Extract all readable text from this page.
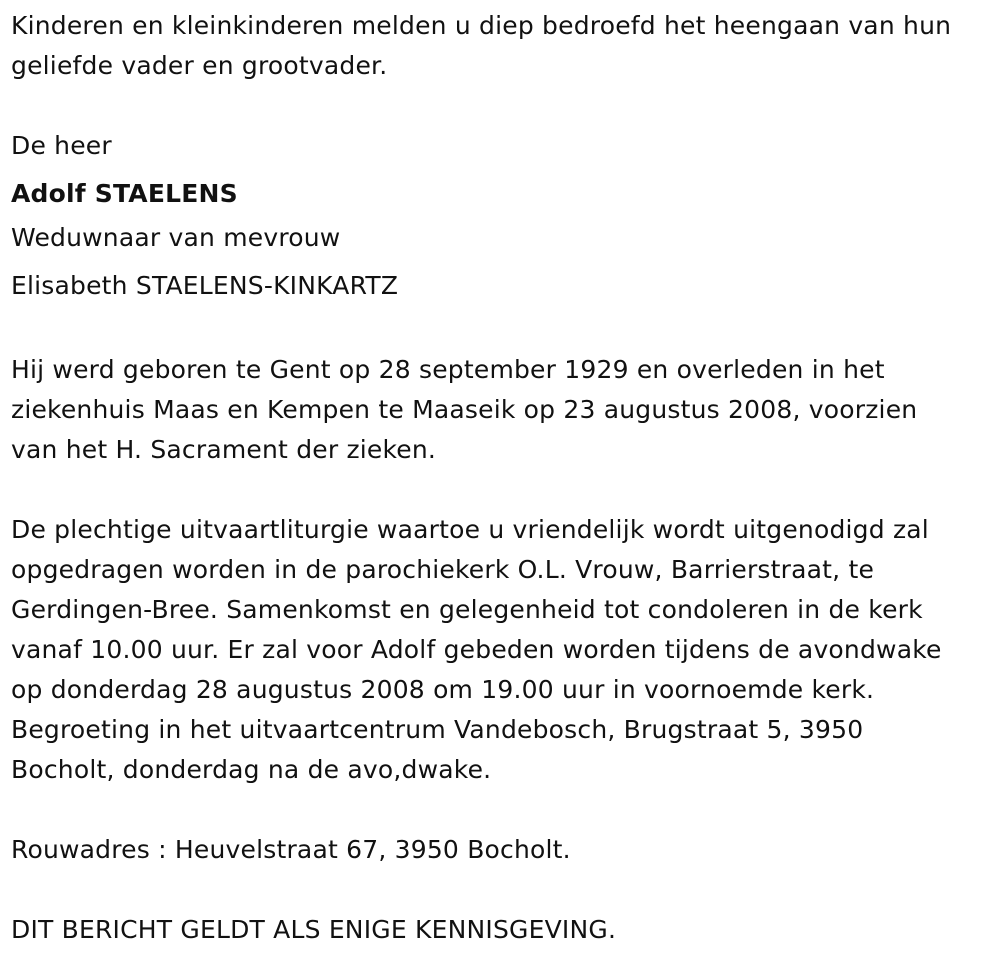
Kinderen en kleinkinderen melden u diep bedroefd het heengaan van hun
geliefde vader en grootvader.

De heer

Adolf STAELENS

Weduwnaar van mevrouw

Elisabeth STAELENS-KINKARTZ

Hij werd geboren te Gent op 28 september 1929 en overleden in het
ziekenhuis Maas en Kempen te Maaseik op 23 augustus 2008, voorzien
van het H. Sacrament der zieken.

De plechtige uitvaartliturgie waartoe u vriendelijk wordt uitgenodigd zal
opgedragen worden in de parochiekerk O.L. Vrouw, Barrierstraat, te
Gerdingen-Bree. Samenkomst en gelegenheid tot condoleren in de kerk
vanaf 10.00 uur. Er zal voor Adolf gebeden worden tijdens de avondwake
op donderdag 28 augustus 2008 om 19.00 uur in voornoemde kerk.
Begroeting in het uitvaartcentrum Vandebosch, Brugstraat 5, 3950
Bocholt, donderdag na de avo,dwake.

Rouwadres : Heuvelstraat 67, 3950 Bocholt.

DIT BERICHT GELDT ALS ENIGE KENNISGEVING.
